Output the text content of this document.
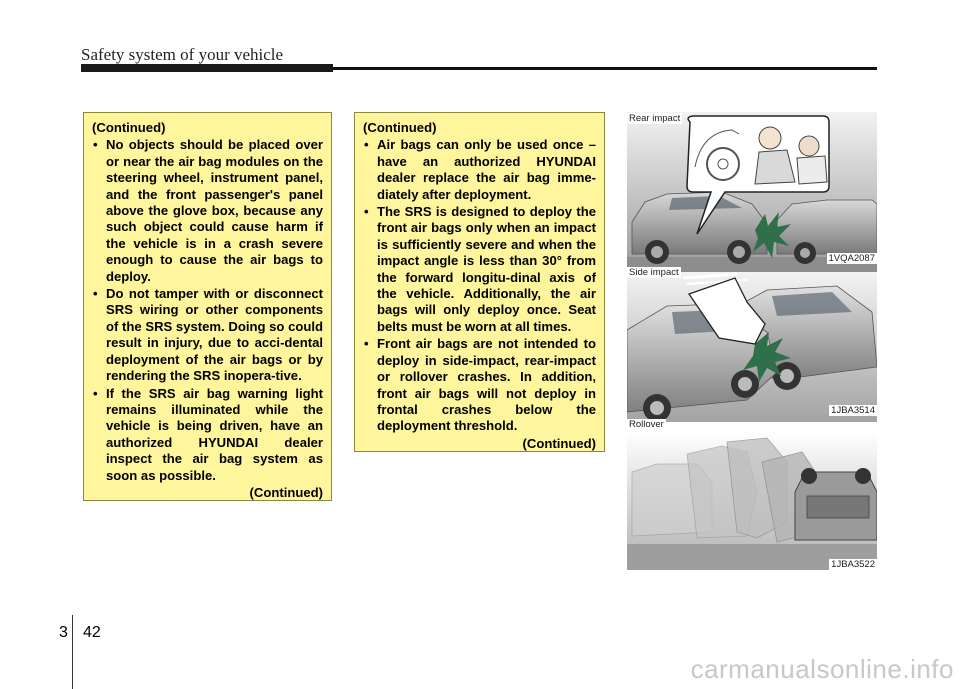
Safety system of your vehicle
(Continued)
• No objects should be placed over or near the air bag modules on the steering wheel, instrument panel, and the front passenger's panel above the glove box, because any such object could cause harm if the vehicle is in a crash severe enough to cause the air bags to deploy.
• Do not tamper with or disconnect SRS wiring or other components of the SRS system. Doing so could result in injury, due to acci-dental deployment of the air bags or by rendering the SRS inopera-tive.
• If the SRS air bag warning light remains illuminated while the vehicle is being driven, have an authorized HYUNDAI dealer inspect the air bag system as soon as possible.
(Continued)
(Continued)
• Air bags can only be used once – have an authorized HYUNDAI dealer replace the air bag imme-diately after deployment.
• The SRS is designed to deploy the front air bags only when an impact is sufficiently severe and when the impact angle is less than 30° from the forward longitu-dinal axis of the vehicle. Additionally, the air bags will only deploy once. Seat belts must be worn at all times.
• Front air bags are not intended to deploy in side-impact, rear-impact or rollover crashes. In addition, front air bags will not deploy in frontal crashes below the deployment threshold.
(Continued)
Rear impact
1VQA2087
Side impact
1JBA3514
Rollover
1JBA3522
3 42
carmanualsonline.info
